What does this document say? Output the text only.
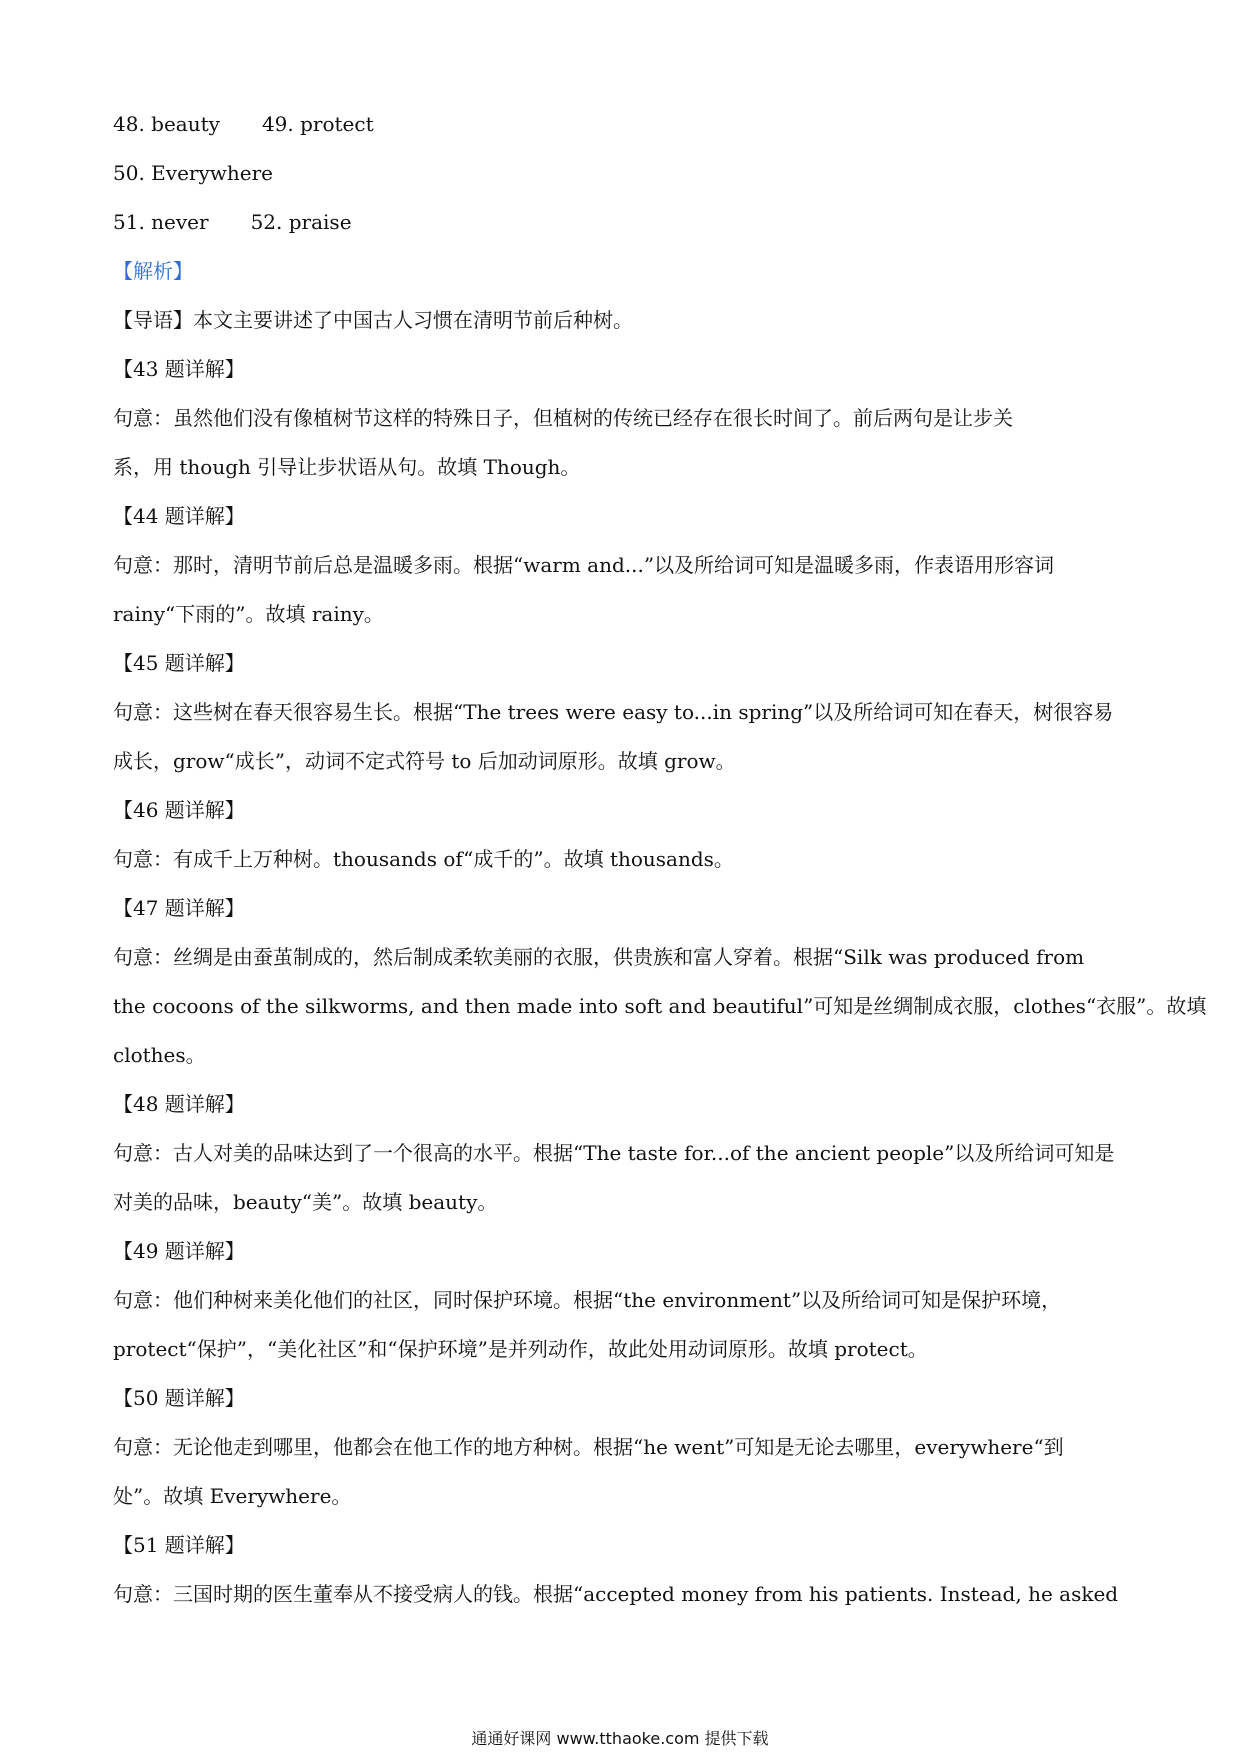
48. beauty 49. protect
50. Everywhere
51. never 52. praise
【解析】
【导语】本文主要讲述了中国古人习惯在清明节前后种树。
【43 题详解】
句意：虽然他们没有像植树节这样的特殊日子，但植树的传统已经存在很长时间了。前后两句是让步关
系，用 though 引导让步状语从句。故填 Though。
【44 题详解】
句意：那时，清明节前后总是温暖多雨。根据“warm and...”以及所给词可知是温暖多雨，作表语用形容词
rainy“下雨的”。故填 rainy。
【45 题详解】
句意：这些树在春天很容易生长。根据“The trees were easy to...in spring”以及所给词可知在春天，树很容易
成长，grow“成长”，动词不定式符号 to 后加动词原形。故填 grow。
【46 题详解】
句意：有成千上万种树。thousands of“成千的”。故填 thousands。
【47 题详解】
句意：丝绸是由蚕茧制成的，然后制成柔软美丽的衣服，供贵族和富人穿着。根据“Silk was produced from
the cocoons of the silkworms, and then made into soft and beautiful”可知是丝绸制成衣服，clothes“衣服”。故填
clothes。
【48 题详解】
句意：古人对美的品味达到了一个很高的水平。根据“The taste for...of the ancient people”以及所给词可知是
对美的品味，beauty“美”。故填 beauty。
【49 题详解】
句意：他们种树来美化他们的社区，同时保护环境。根据“the environment”以及所给词可知是保护环境，
protect“保护”，“美化社区”和“保护环境”是并列动作，故此处用动词原形。故填 protect。
【50 题详解】
句意：无论他走到哪里，他都会在他工作的地方种树。根据“he went”可知是无论去哪里，everywhere“到
处”。故填 Everywhere。
【51 题详解】
句意：三国时期的医生董奉从不接受病人的钱。根据“accepted money from his patients. Instead, he asked
通通好课网 www.tthaoke.com 提供下载
